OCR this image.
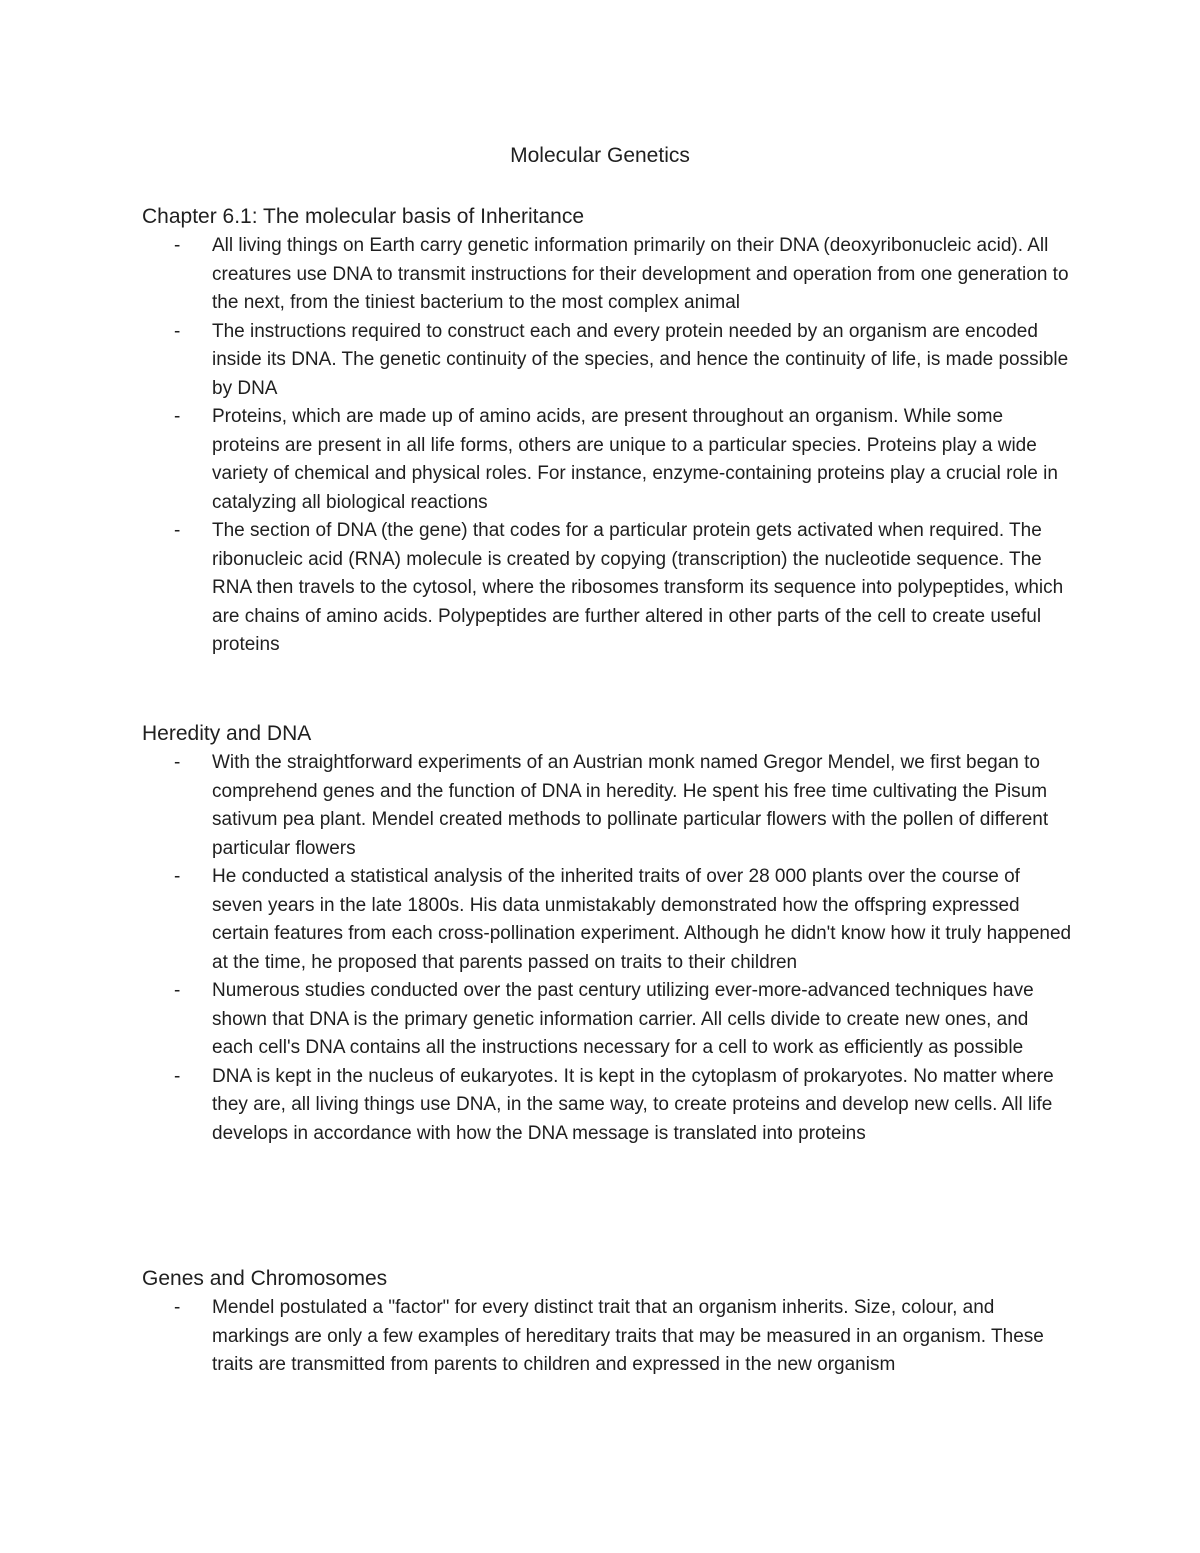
Molecular Genetics
Chapter 6.1: The molecular basis of Inheritance
- All living things on Earth carry genetic information primarily on their DNA (deoxyribonucleic acid). All creatures use DNA to transmit instructions for their development and operation from one generation to the next, from the tiniest bacterium to the most complex animal
- The instructions required to construct each and every protein needed by an organism are encoded inside its DNA. The genetic continuity of the species, and hence the continuity of life, is made possible by DNA
- Proteins, which are made up of amino acids, are present throughout an organism. While some proteins are present in all life forms, others are unique to a particular species. Proteins play a wide variety of chemical and physical roles. For instance, enzyme-containing proteins play a crucial role in catalyzing all biological reactions
- The section of DNA (the gene) that codes for a particular protein gets activated when required. The ribonucleic acid (RNA) molecule is created by copying (transcription) the nucleotide sequence. The RNA then travels to the cytosol, where the ribosomes transform its sequence into polypeptides, which are chains of amino acids. Polypeptides are further altered in other parts of the cell to create useful proteins
Heredity and DNA
- With the straightforward experiments of an Austrian monk named Gregor Mendel, we first began to comprehend genes and the function of DNA in heredity. He spent his free time cultivating the Pisum sativum pea plant. Mendel created methods to pollinate particular flowers with the pollen of different particular flowers
- He conducted a statistical analysis of the inherited traits of over 28 000 plants over the course of seven years in the late 1800s. His data unmistakably demonstrated how the offspring expressed certain features from each cross-pollination experiment. Although he didn't know how it truly happened at the time, he proposed that parents passed on traits to their children
- Numerous studies conducted over the past century utilizing ever-more-advanced techniques have shown that DNA is the primary genetic information carrier. All cells divide to create new ones, and each cell's DNA contains all the instructions necessary for a cell to work as efficiently as possible
- DNA is kept in the nucleus of eukaryotes. It is kept in the cytoplasm of prokaryotes. No matter where they are, all living things use DNA, in the same way, to create proteins and develop new cells. All life develops in accordance with how the DNA message is translated into proteins
Genes and Chromosomes
- Mendel postulated a "factor" for every distinct trait that an organism inherits. Size, colour, and markings are only a few examples of hereditary traits that may be measured in an organism. These traits are transmitted from parents to children and expressed in the new organism
